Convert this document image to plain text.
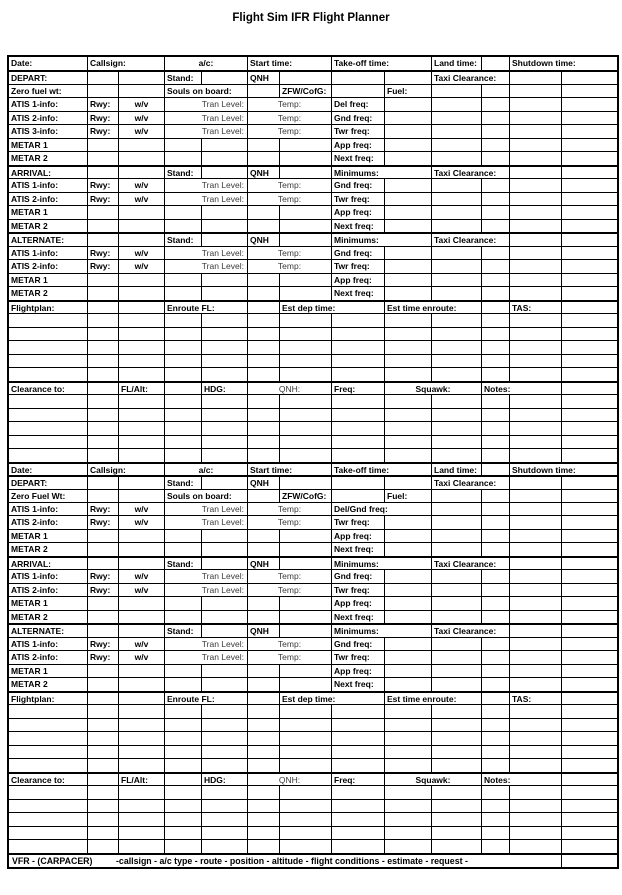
Flight Sim IFR Flight Planner
Date:	Callsign:	a/c:	Start time:	Take-off time:	Land time:	Shutdown time:
DEPART:	Stand:	QNH	Taxi Clearance:
Zero fuel wt:	Souls on board:	ZFW/CofG:	Fuel:
ATIS 1-info:	Rwy:	w/v	Tran Level:	Temp:	Del freq:
ATIS 2-info:	Rwy:	w/v	Tran Level:	Temp:	Gnd freq:
ATIS 3-info:	Rwy:	w/v	Tran Level:	Temp:	Twr freq:
METAR 1	App freq:
METAR 2	Next freq:
ARRIVAL:	Stand:	QNH	Minimums:	Taxi Clearance:
ATIS 1-info:	Rwy:	w/v	Tran Level:	Temp:	Gnd freq:
ATIS 2-info:	Rwy:	w/v	Tran Level:	Temp:	Twr freq:
METAR 1	App freq:
METAR 2	Next freq:
ALTERNATE:	Stand:	QNH	Minimums:	Taxi Clearance:
ATIS 1-info:	Rwy:	w/v	Tran Level:	Temp:	Gnd freq:
ATIS 2-info:	Rwy:	w/v	Tran Level:	Temp:	Twr freq:
METAR 1	App freq:
METAR 2	Next freq:
Flightplan:	Enroute FL:	Est dep time:	Est time enroute:	TAS:
Clearance to:	FL/Alt:	HDG:	QNH:	Freq:	Squawk:	Notes:
Date:	Callsign:	a/c:	Start time:	Take-off time:	Land time:	Shutdown time:
DEPART:	Stand:	QNH	Taxi Clearance:
Zero Fuel Wt:	Souls on board:	ZFW/CofG:	Fuel:
ATIS 1-info:	Rwy:	w/v	Tran Level:	Temp:	Del/Gnd freq:
ATIS 2-info:	Rwy:	w/v	Tran Level:	Temp:	Twr freq:
METAR 1	App freq:
METAR 2	Next freq:
ARRIVAL:	Stand:	QNH	Minimums:	Taxi Clearance:
ATIS 1-info:	Rwy:	w/v	Tran Level:	Temp:	Gnd freq:
ATIS 2-info:	Rwy:	w/v	Tran Level:	Temp:	Twr freq:
METAR 1	App freq:
METAR 2	Next freq:
ALTERNATE:	Stand:	QNH	Minimums:	Taxi Clearance:
ATIS 1-info:	Rwy:	w/v	Tran Level:	Temp:	Gnd freq:
ATIS 2-info:	Rwy:	w/v	Tran Level:	Temp:	Twr freq:
METAR 1	App freq:
METAR 2	Next freq:
Flightplan:	Enroute FL:	Est dep time:	Est time enroute:	TAS:
Clearance to:	FL/Alt:	HDG:	QNH:	Freq:	Squawk:	Notes:
VFR - (CARPACER)	-callsign - a/c type - route - position - altitude - flight conditions - estimate - request -
